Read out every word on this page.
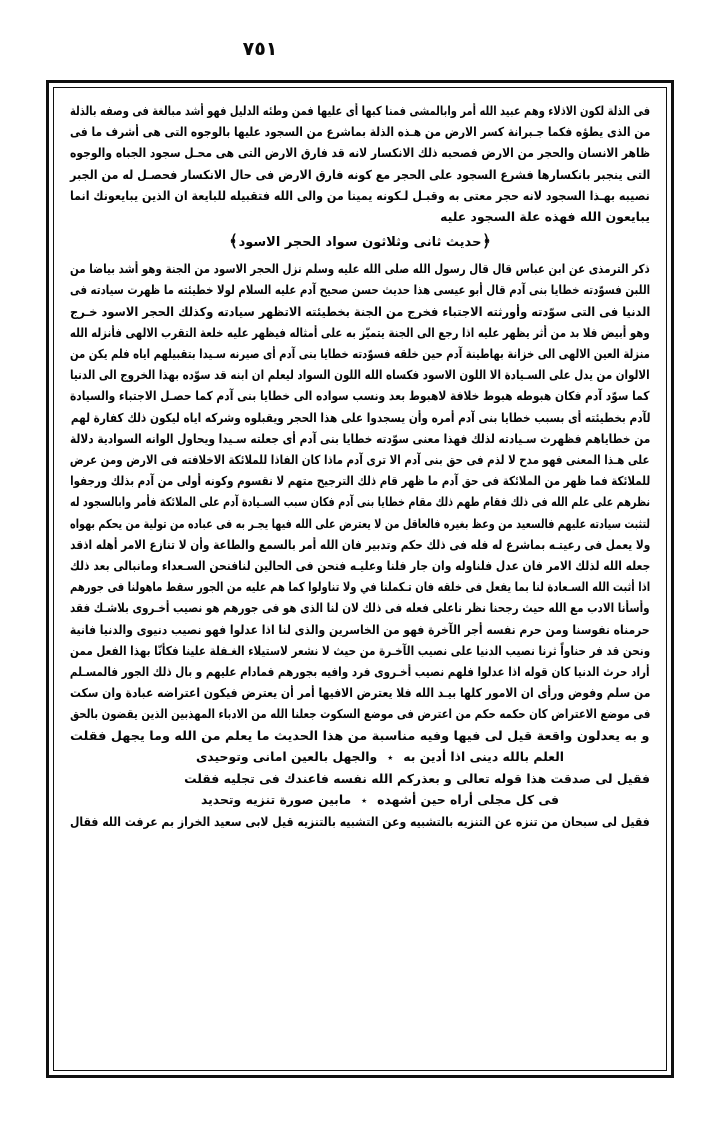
٧٥١
فى الذلة لكون الاذلاء وهم عبيد الله أمر وابالمشى فمنا كبها أى عليها فمن وطئه الدليل فهو أشد مبالغة فى وصفه بالذلة
من الذى يطؤه فكما جـبرانة كسر الارض من هـذه الذلة بماشرع من السجود عليها بالوجوه التى هى أشرف ما فى
ظاهر الانسان والحجر من الارض فصحبه ذلك الانكسار لانه قد فارق الارض التى هى محـل سجود الجباه والوجوه
التى ينجبر بانكسارها فشرع السجود على الحجر مع كونه فارق الارض فى حال الانكسار فحصـل له من الجبر
نصيبه بهـذا السجود لانه حجر معتى به وقبـل لـكونه يمينا من والى الله فتقبيله للبايعة ان الذين يبايعونك انما
يبايعون الله فهذه علة السجود عليه
﴿حديث ثانى وثلاثون سواد الحجر الاسود﴾
ذكر الترمذى عن ابن عباس قال قال رسول الله صلى الله عليه وسلم نزل الحجر الاسود من الجنة وهو أشد بياضا من
اللبن فسوّدته خطايا بنى آدم قال أبو عيسى هذا حديث حسن صحيح آدم عليه السلام لولا خطيئته ما ظهرت سيادته فى
الدنيا فى التى سوّدته وأورثته الاجتباء فخرج من الجنة بخطيئته الاتظهر سيادته وكذلك الحجر الاسود خـرج
وهو أبيض فلا بد من أثر يظهر عليه اذا رجع الى الجنة يتميّز به على أمثاله فيظهر عليه خلعة التقرب الالهى فأنزله الله
منزلة العين الالهى الى خزانة بهاطينة آدم حين خلقه فسوّدته خطايا بنى آدم أى صيرنه سـيدا بتقبيلهم اياه فلم يكن من
الالوان من يدل على السـيادة الا اللون الاسود فكساه الله اللون السواد ليعلم ان ابنه قد سوّده بهذا الخروج الى الدنيا
كما سوّد آدم فكان هبوطه هبوط خلافة لاهبوط بعد ونسب سواده الى خطايا بنى آدم كما حصـل الاجتباء والسيادة
لآدم بخطيئته أى بسبب خطايا بنى آدم أمره وأن يسجدوا على هذا الحجر ويقبلوه وشركه اياه ليكون ذلك كفارة لهم
من خطاياهم فظهرت سـيادته لذلك فهذا معنى سوّدته خطايا بنى آدم أى جعلته سـيدا ويحاول الوانه السوادية دلالة
على هـذا المعنى فهو مدح لا لذم فى حق بنى آدم الا ترى آدم ماذا كان الفاذا للملائكة الاخلافته فى الارض ومن عرض
للملائكة فما ظهر من الملائكة فى حق آدم ما ظهر قام ذلك الترجيح متهم لا نقسوم وكونه أولى من آدم بذلك ورجفوا
نظرهم على علم الله فى ذلك فقام طهم ذلك مقام خطايا بنى آدم فكان سبب السـيادة آدم على الملائكة فأمر وابالسجود له
لتثبت سيادته عليهم فالسعيد من وعظ بغيره فالعاقل من لا يعترض على الله فيها يجـر به فى عباده من تولية من يحكم بهواه
ولا يعمل فى رعيتـه بماشرع له فله فى ذلك حكم وتدبير فان الله أمر بالسمع والطاعة وأن لا تنازع الامر أهله اذقد
جعله الله لذلك الامر فان عدل فلناوله وان جار فلنا وعليـه فنحن فى الحالين لنافنحن السـعداء ومانبالى بعد ذلك
اذا أثبت الله السـعادة لنا بما يفعل فى خلقه فان تـكملنا في ولا تناولوا كما هم عليه من الجور سقط ماهولنا فى جورهم
وأسأنا الادب مع الله حيث رجحنا نظر ناعلى فعله فى ذلك لان لنا الذى هو فى جورهم هو نصيب أخـروى بلاشـك فقد
حرمناه نفوسنا ومن حرم نفسه أجر الآخرة فهو من الخاسرين والذى لنا اذا عدلوا فهو نصيب دنيوى والدنيا فانية
ونحن قد فر حناواً ثرنا نصيب الدنيا على نصيب الآخـرة من حيث لا نشعر لاستيلاء الغـفلة علينا فكأنّا بهذا الفعل ممن
أراد حرث الدنيا كان قوله اذا عدلوا فلهم نصيب أخـروى فرد وافيه بجورهم فمادام عليهم و بال ذلك الجور فالمسـلم
من سلم وفوض ورأى ان الامور كلها بيـد الله فلا يعترض الافيها أمر أن يعترض فيكون اعتراضه عبادة وان سكت
فى موضع الاعتراض كان حكمه حكم من اعترض فى موضع السكوت جعلنا الله من الادباء المهذبين الذين يقضون بالحق
و به يعدلون واقعة قيل لى فيها وفيه مناسبة من هذا الحديث ما يعلم من الله وما يجهل فقلت
العلم بالله دينى اذا أدين به٭والجهل بالعين امانى وتوحيدى
فقيل لى صدقت هذا قوله تعالى و بعذركم الله نفسه فاعندك فى تجليه فقلت
فى كل مجلى أراه حين أشهده٭مابين صورة تنزيه وتحديد
فقيل لى سبحان من تنزه عن التنزيه بالتشبيه وعن التشبيه بالتنزيه قيل لابى سعيد الخراز بم عرفت الله فقال
